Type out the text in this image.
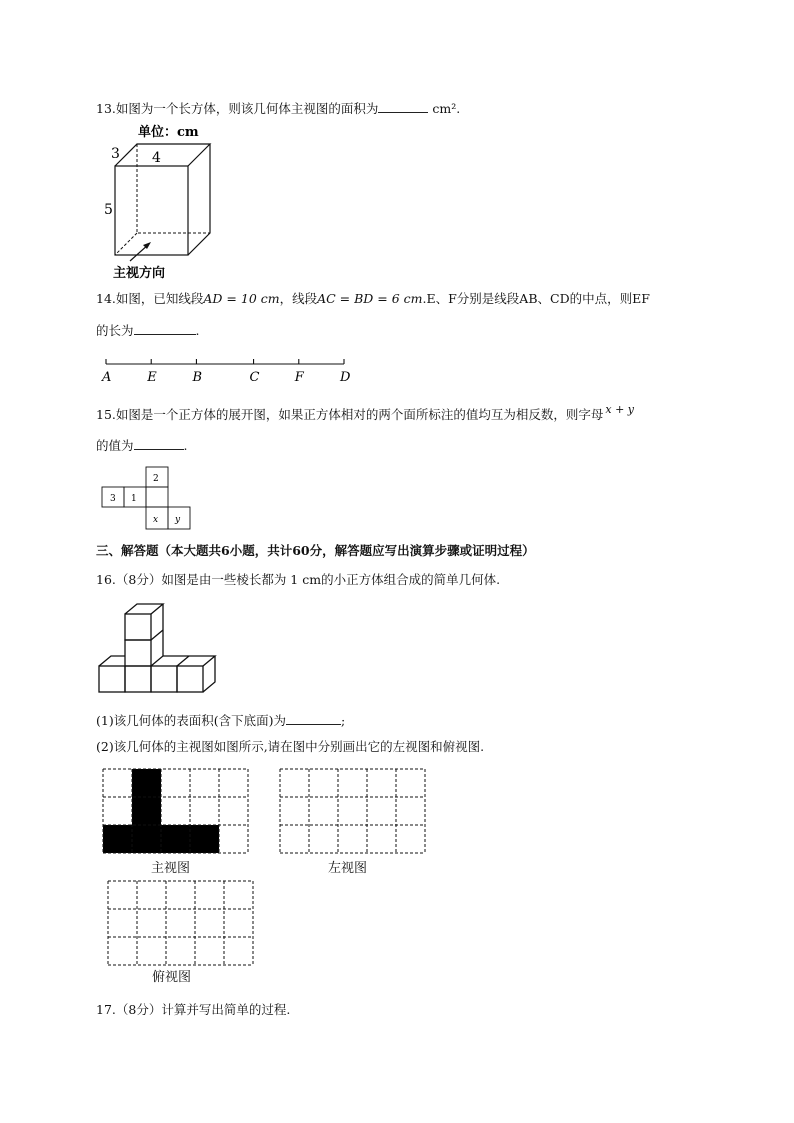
13.如图为一个长方体，则该几何体主视图的面积为	cm².
单位：cm
3 4
5
主视方向
14.如图，已知线段AD = 10 cm，线段AC = BD = 6 cm.E、F分别是线段AB、CD的中点，则EF
的长为	.
A	E	B	C	F	D
15.如图是一个正方体的展开图，如果正方体相对的两个面所标注的值均互为相反数，则字母 x + y
的值为	.
2
3 1
x y
三、解答题（本大题共6小题，共计60分，解答题应写出演算步骤或证明过程）
16.（8分）如图是由一些棱长都为 1 cm的小正方体组合成的简单几何体.
(1)该几何体的表面积(含下底面)为	;
(2)该几何体的主视图如图所示,请在图中分别画出它的左视图和俯视图.
主视图	左视图
俯视图
17.（8分）计算并写出简单的过程.
